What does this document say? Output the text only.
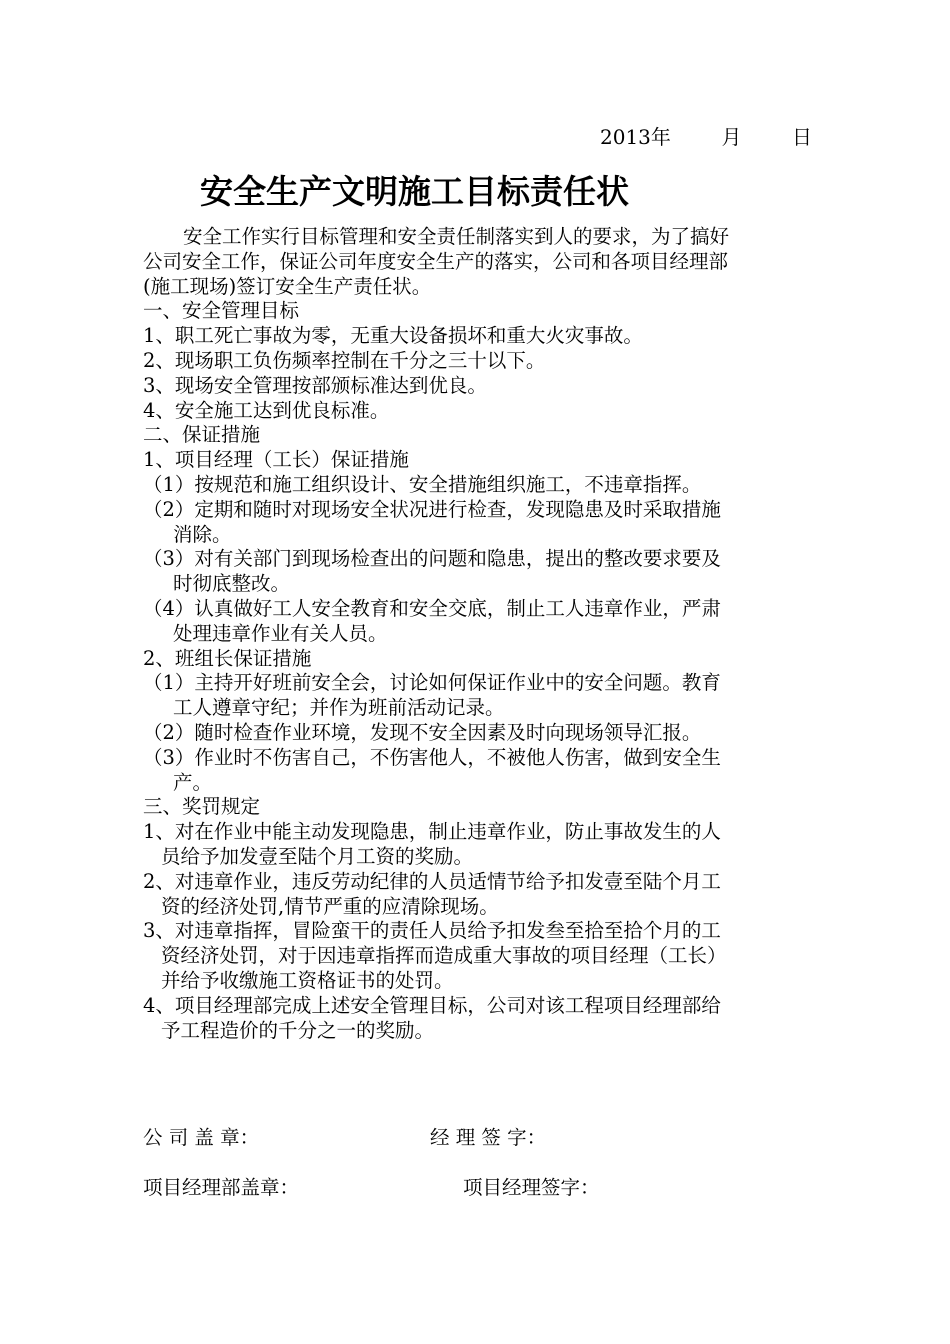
2013年	月	日
安全生产文明施工目标责任状

安全工作实行目标管理和安全责任制落实到人的要求，为了搞好

公司安全工作，保证公司年度安全生产的落实，公司和各项目经理部

(施工现场)签订安全生产责任状。

一、安全管理目标

1、职工死亡事故为零，无重大设备损坏和重大火灾事故。

2、现场职工负伤频率控制在千分之三十以下。

3、现场安全管理按部颁标准达到优良。

4、安全施工达到优良标准。

二、保证措施

1、项目经理（工长）保证措施

（1）按规范和施工组织设计、安全措施组织施工，不违章指挥。

（2）定期和随时对现场安全状况进行检查，发现隐患及时采取措施

消除。

（3）对有关部门到现场检查出的问题和隐患，提出的整改要求要及

时彻底整改。

（4）认真做好工人安全教育和安全交底，制止工人违章作业，严肃

处理违章作业有关人员。

2、班组长保证措施

（1）主持开好班前安全会，讨论如何保证作业中的安全问题。教育

工人遵章守纪；并作为班前活动记录。

（2）随时检查作业环境，发现不安全因素及时向现场领导汇报。

（3）作业时不伤害自己，不伤害他人，不被他人伤害，做到安全生

产。

三、奖罚规定

1、对在作业中能主动发现隐患，制止违章作业，防止事故发生的人

员给予加发壹至陆个月工资的奖励。

2、对违章作业，违反劳动纪律的人员适情节给予扣发壹至陆个月工

资的经济处罚,情节严重的应清除现场。

3、对违章指挥，冒险蛮干的责任人员给予扣发叁至拾至拾个月的工

资经济处罚，对于因违章指挥而造成重大事故的项目经理（工长）

并给予收缴施工资格证书的处罚。

4、项目经理部完成上述安全管理目标，公司对该工程项目经理部给

予工程造价的千分之一的奖励。

公 司 盖 章：	经 理 签 字：
项目经理部盖章：	项目经理签字：
